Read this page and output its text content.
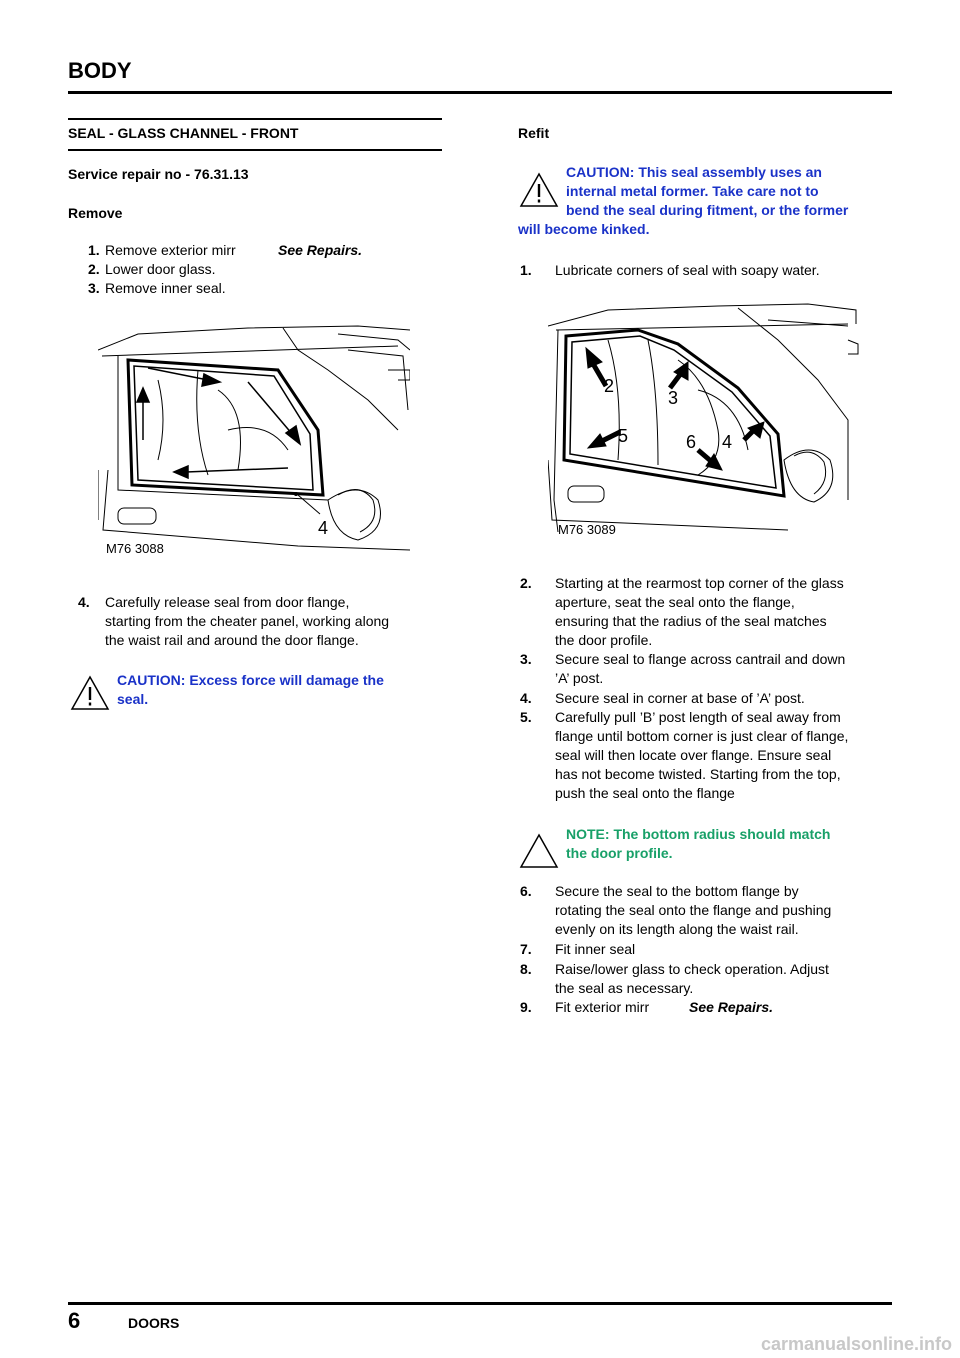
BODY
SEAL - GLASS CHANNEL - FRONT
Service repair no - 76.31.13
Remove
1. Remove exterior mirr	See Repairs.
2. Lower door glass.
3. Remove inner seal.
4
M76 3088
4. Carefully release seal from door flange,
starting from the cheater panel, working along
the waist rail and around the door flange.
CAUTION: Excess force will damage the
seal.
Refit
CAUTION: This seal assembly uses an
internal metal former. Take care not to
bend the seal during fitment, or the former
will become kinked.
1. Lubricate corners of seal with soapy water.
2
3
5	6 4
M76 3089
2. Starting at the rearmost top corner of the glass
aperture, seat the seal onto the flange,
ensuring that the radius of the seal matches
the door profile.
3. Secure seal to flange across cantrail and down
’A’ post.
4. Secure seal in corner at base of ’A’ post.
5. Carefully pull ’B’ post length of seal away from
flange until bottom corner is just clear of flange,
seal will then locate over flange. Ensure seal
has not become twisted. Starting from the top,
push the seal onto the flange
NOTE: The bottom radius should match
the door profile.
6. Secure the seal to the bottom flange by
rotating the seal onto the flange and pushing
evenly on its length along the waist rail.
7. Fit inner seal
8. Raise/lower glass to check operation. Adjust
the seal as necessary.
9. Fit exterior mirr	See Repairs.
6	DOORS
carmanualsonline.info
